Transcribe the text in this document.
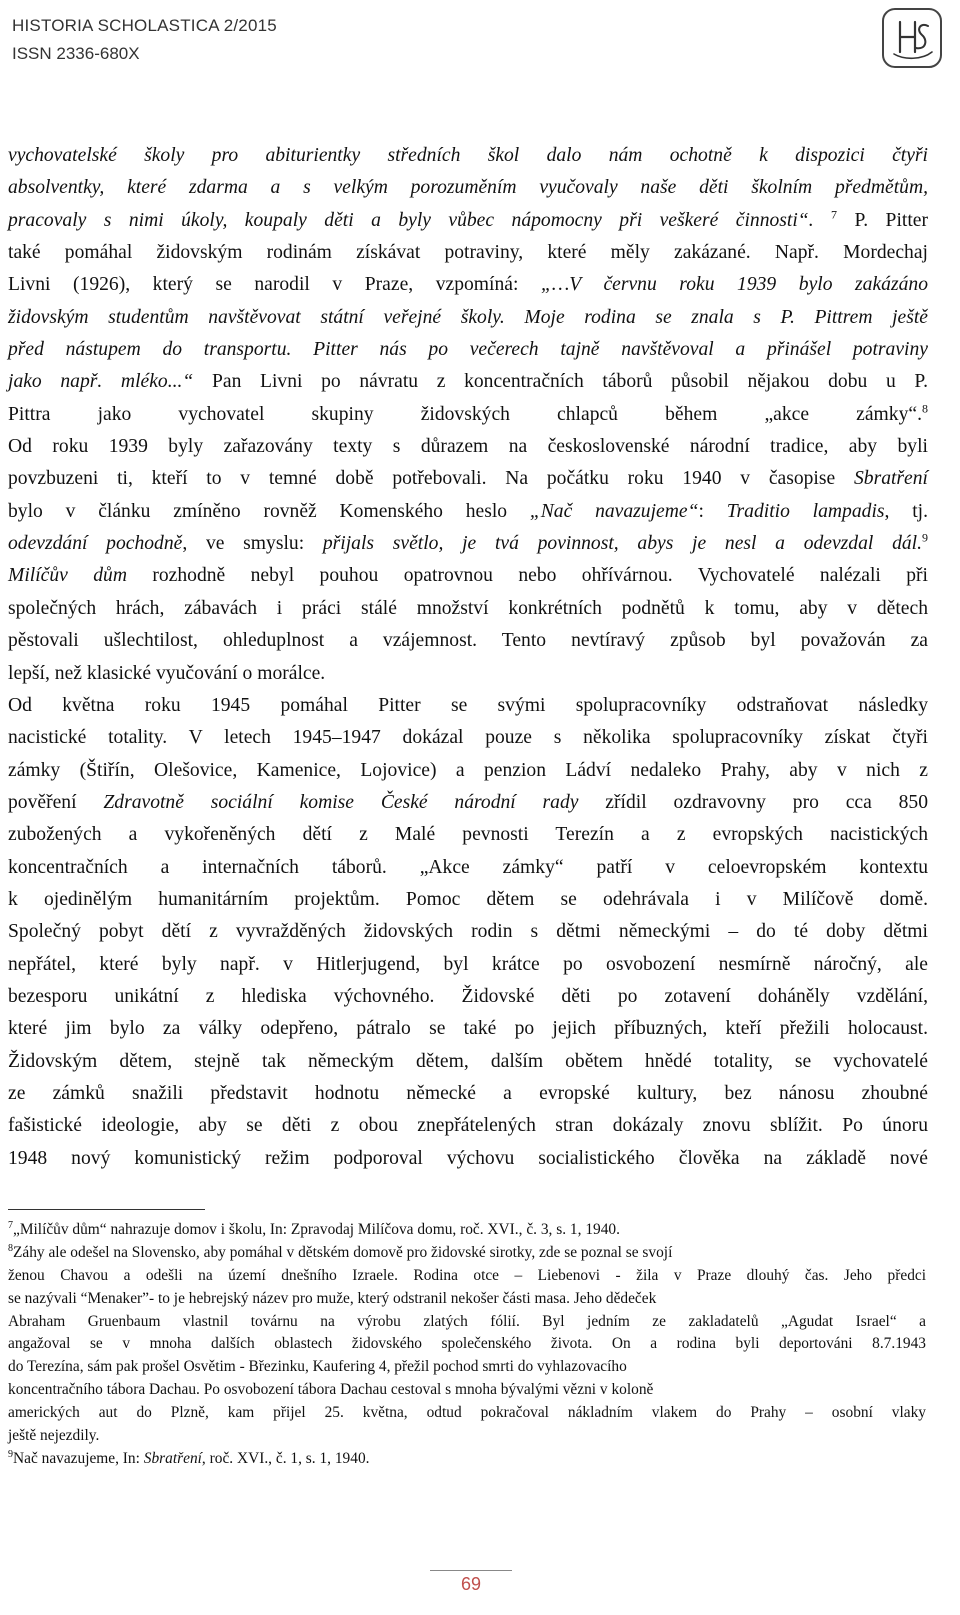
HISTORIA SCHOLASTICA 2/2015
ISSN 2336-680X
vychovatelské školy pro abiturientky středních škol dalo nám ochotně k dispozici čtyři
absolventky, které zdarma a s velkým porozuměním vyučovaly naše děti školním předmětům,
pracovaly s nimi úkoly, koupaly děti a byly vůbec nápomocny při veškeré činnosti“. $^7$ P. Pitter
také pomáhal židovským rodinám získávat potraviny, které měly zakázané. Např. Mordechaj
Livni (1926), který se narodil v Praze, vzpomíná: „…V červnu roku 1939 bylo zakázáno
židovským studentům navštěvovat státní veřejné školy. Moje rodina se znala s P. Pittrem ještě
před nástupem do transportu. Pitter nás po večerech tajně navštěvoval a přinášel potraviny
jako např. mléko...“ Pan Livni po návratu z koncentračních táborů působil nějakou dobu u P.
Pittra jako vychovatel skupiny židovských chlapců během „akce zámky“.$^8$
Od roku 1939 byly zařazovány texty s důrazem na československé národní tradice, aby byli
povzbuzeni ti, kteří to v temné době potřebovali. Na počátku roku 1940 v časopise Sbratření
bylo v článku zmíněno rovněž Komenského heslo „Nač navazujeme“: Traditio lampadis, tj.
odevzdání pochodně, ve smyslu: přijals světlo, je tvá povinnost, abys je nesl a odevzdal dál.$^9$
Milíčův dům rozhodně nebyl pouhou opatrovnou nebo ohřívárnou. Vychovatelé nalézali při
společných hrách, zábavách i práci stálé množství konkrétních podnětů k tomu, aby v dětech
pěstovali ušlechtilost, ohleduplnost a vzájemnost. Tento nevtíravý způsob byl považován za
lepší, než klasické vyučování o morálce.
Od května roku 1945 pomáhal Pitter se svými spolupracovníky odstraňovat následky
nacistické totality. V letech 1945–1947 dokázal pouze s několika spolupracovníky získat čtyři
zámky (Štiřín, Olešovice, Kamenice, Lojovice) a penzion Ládví nedaleko Prahy, aby v nich z
pověření Zdravotně sociální komise České národní rady zřídil ozdravovny pro cca 850
zubožených a vykořeněných dětí z Malé pevnosti Terezín a z evropských nacistických
koncentračních a internačních táborů. „Akce zámky“ patří v celoevropském kontextu
k ojedinělým humanitárním projektům. Pomoc dětem se odehrávala i v Milíčově domě.
Společný pobyt dětí z vyvražděných židovských rodin s dětmi německými – do té doby dětmi
nepřátel, které byly např. v Hitlerjugend, byl krátce po osvobození nesmírně náročný, ale
bezesporu unikátní z hlediska výchovného. Židovské děti po zotavení doháněly vzdělání,
které jim bylo za války odepřeno, pátralo se také po jejich příbuzných, kteří přežili holocaust.
Židovským dětem, stejně tak německým dětem, dalším obětem hnědé totality, se vychovatelé
ze zámků snažili představit hodnotu německé a evropské kultury, bez nánosu zhoubné
fašistické ideologie, aby se děti z obou znepřátelených stran dokázaly znovu sblížit. Po únoru
1948 nový komunistický režim podporoval výchovu socialistického člověka na základě nové
$^7$„Milíčův dům“ nahrazuje domov i školu, In: Zpravodaj Milíčova domu, roč. XVI., č. 3, s. 1, 1940.
$^8$Záhy ale odešel na Slovensko, aby pomáhal v dětském domově pro židovské sirotky, zde se poznal se svojí
ženou Chavou a odešli na území dnešního Izraele. Rodina otce – Liebenovi - žila v Praze dlouhý čas. Jeho předci
se nazývali “Menaker”- to je hebrejský název pro muže, který odstranil nekošer části masa. Jeho dědeček
Abraham Gruenbaum vlastnil továrnu na výrobu zlatých fólií. Byl jedním ze zakladatelů „Agudat Israel“ a
angažoval se v mnoha dalších oblastech židovského společenského života. On a rodina byli deportováni 8.7.1943
do Terezína, sám pak prošel Osvětim - Březinku, Kaufering 4, přežil pochod smrti do vyhlazovacího
koncentračního tábora Dachau. Po osvobození tábora Dachau cestoval s mnoha bývalými vězni v koloně
amerických aut do Plzně, kam přijel 25. května, odtud pokračoval nákladním vlakem do Prahy – osobní vlaky
ještě nejezdily.
$^9$Nač navazujeme, In: Sbratření, roč. XVI., č. 1, s. 1, 1940.
69
